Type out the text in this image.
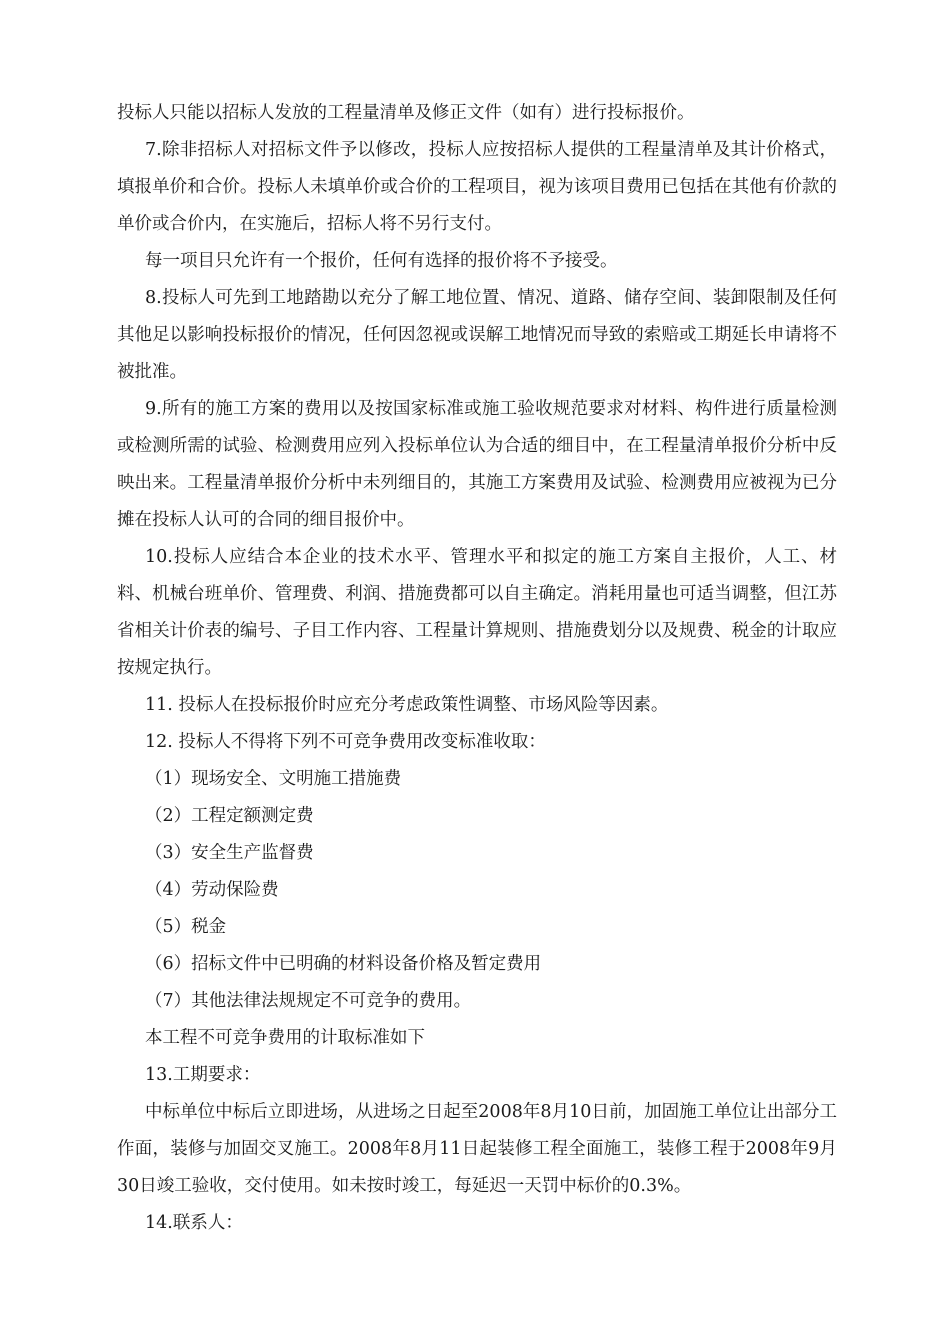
投标人只能以招标人发放的工程量清单及修正文件（如有）进行投标报价。

7.除非招标人对招标文件予以修改，投标人应按招标人提供的工程量清单及其计价格式，填报单价和合价。投标人未填单价或合价的工程项目，视为该项目费用已包括在其他有价款的单价或合价内，在实施后，招标人将不另行支付。

每一项目只允许有一个报价，任何有选择的报价将不予接受。

8.投标人可先到工地踏勘以充分了解工地位置、情况、道路、储存空间、装卸限制及任何其他足以影响投标报价的情况，任何因忽视或误解工地情况而导致的索赔或工期延长申请将不被批准。

9.所有的施工方案的费用以及按国家标准或施工验收规范要求对材料、构件进行质量检测或检测所需的试验、检测费用应列入投标单位认为合适的细目中，在工程量清单报价分析中反映出来。工程量清单报价分析中未列细目的，其施工方案费用及试验、检测费用应被视为已分摊在投标人认可的合同的细目报价中。

10.投标人应结合本企业的技术水平、管理水平和拟定的施工方案自主报价，人工、材料、机械台班单价、管理费、利润、措施费都可以自主确定。消耗用量也可适当调整，但江苏省相关计价表的编号、子目工作内容、工程量计算规则、措施费划分以及规费、税金的计取应按规定执行。

11. 投标人在投标报价时应充分考虑政策性调整、市场风险等因素。

12. 投标人不得将下列不可竞争费用改变标准收取：

（1）现场安全、文明施工措施费

（2）工程定额测定费

（3）安全生产监督费

（4）劳动保险费

（5）税金

（6）招标文件中已明确的材料设备价格及暂定费用

（7）其他法律法规规定不可竞争的费用。

本工程不可竞争费用的计取标准如下

13.工期要求：

中标单位中标后立即进场，从进场之日起至2008年8月10日前，加固施工单位让出部分工作面，装修与加固交叉施工。2008年8月11日起装修工程全面施工，装修工程于2008年9月30日竣工验收，交付使用。如未按时竣工，每延迟一天罚中标价的0.3%。

14.联系人：
